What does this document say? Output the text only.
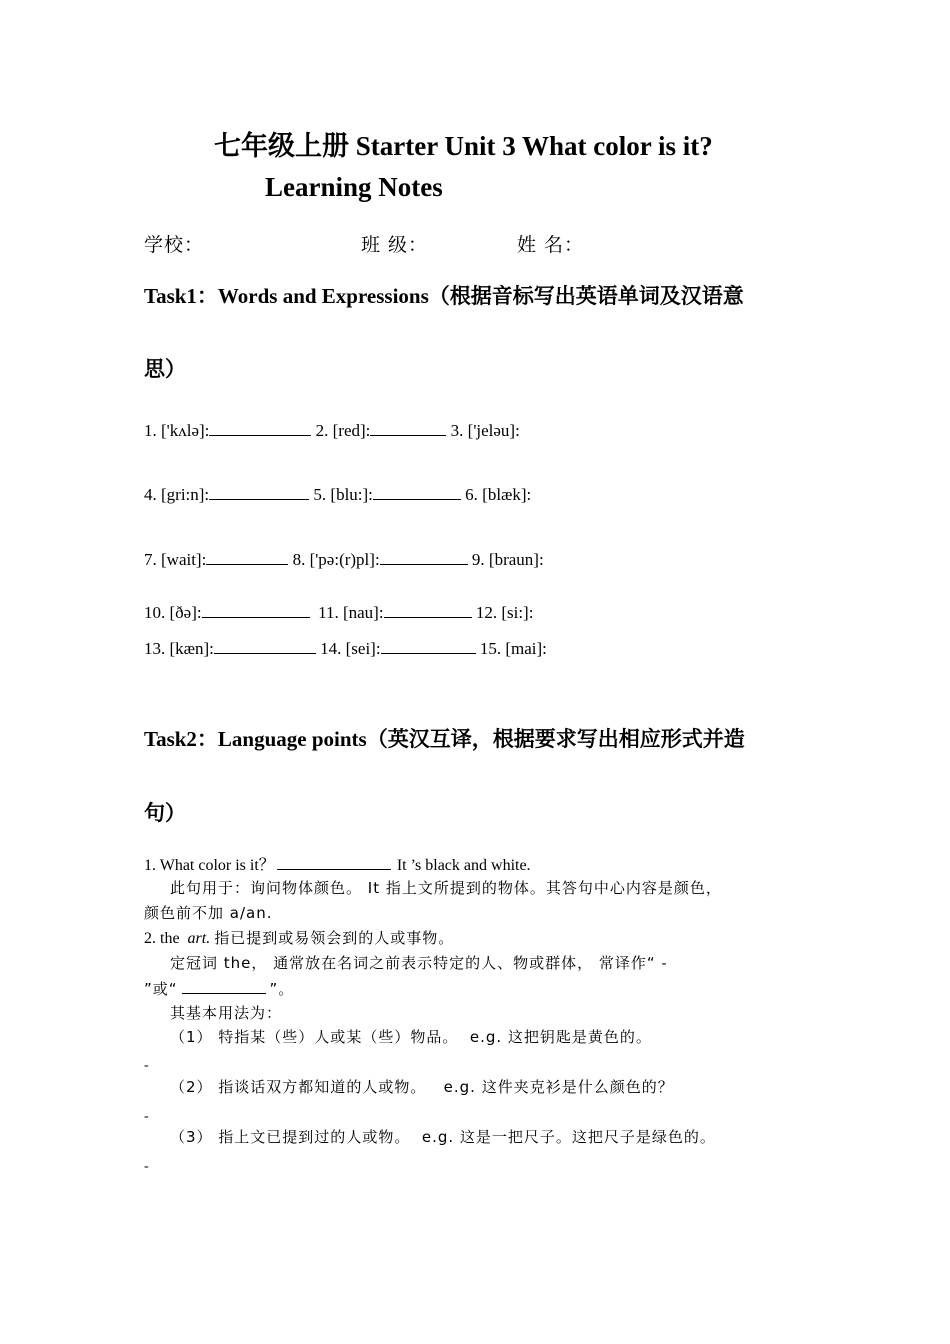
七年级上册 Starter Unit 3 What color is it?
Learning Notes
学校：	班 级：	姓 名：
Task1：Words and Expressions（根据音标写出英语单词及汉语意
思）
1. ['kʌlə]:	2. [red]:	3. ['jeləu]:
4. [gri:n]:	5. [blu:]:	6. [blæk]:
7. [wait]:	8. ['pə:(r)pl]:	9. [braun]:
10. [ðə]:	11. [nau]:	12. [si:]:
13. [kæn]:	14. [sei]:	15. [mai]:
Task2：Language points（英汉互译，根据要求写出相应形式并造
句）
1. What color is it？	It ’s black and white.
此句用于：询问物体颜色。 It 指上文所提到的物体。其答句中心内容是颜色，
颜色前不加 a/an.
2. the art. 指已提到或易领会到的人或事物。
定冠词 the， 通常放在名词之前表示特定的人、物或群体， 常译作“ -
”或“	”。
其基本用法为：
（1） 特指某（些）人或某（些）物品。 e.g. 这把钥匙是黄色的。
-
（2） 指谈话双方都知道的人或物。 e.g. 这件夹克衫是什么颜色的？
-
（3） 指上文已提到过的人或物。 e.g. 这是一把尺子。这把尺子是绿色的。
-
